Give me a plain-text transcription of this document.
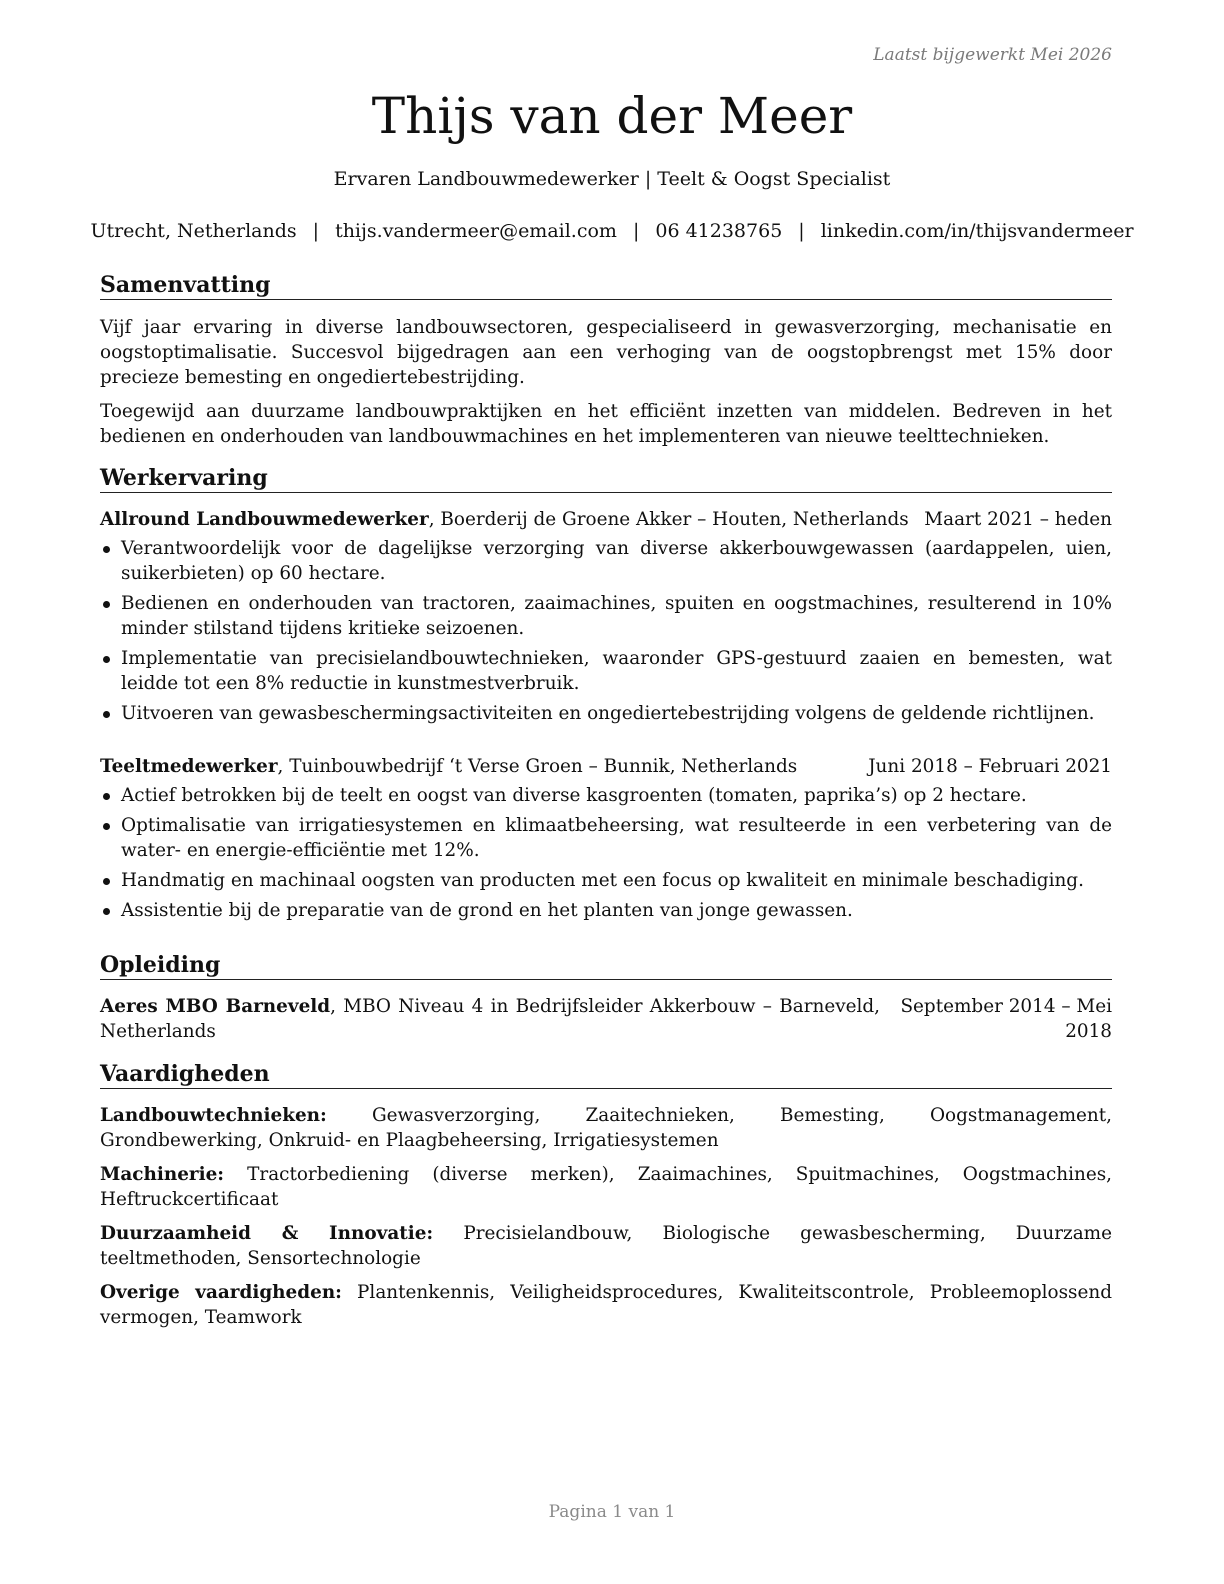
Laatst bijgewerkt Mei 2026
Thijs van der Meer
Ervaren Landbouwmedewerker | Teelt & Oogst Specialist
Utrecht, Netherlands | thijs.vandermeer@email.com | 06 41238765 | linkedin.com/in/thijsvandermeer
Samenvatting

Vijf jaar ervaring in diverse landbouwsectoren, gespecialiseerd in gewasverzorging, mechanisatie en oogstoptimalisatie. Succesvol bijgedragen aan een verhoging van de oogstopbrengst met 15% door precieze bemesting en ongediertebestrijding.

Toegewijd aan duurzame landbouwpraktijken en het efficiënt inzetten van middelen. Bedreven in het bedienen en onderhouden van landbouwmachines en het implementeren van nieuwe teelttechnieken.

Werkervaring
Allround Landbouwmedewerker, Boerderij de Groene Akker – Houten, Netherlands Maart 2021 – heden
Verantwoordelijk voor de dagelijkse verzorging van diverse akkerbouwgewassen (aardappelen, uien, suikerbieten) op 60 hectare.
Bedienen en onderhouden van tractoren, zaaimachines, spuiten en oogstmachines, resulterend in 10% minder stilstand tijdens kritieke seizoenen.
Implementatie van precisielandbouwtechnieken, waaronder GPS-gestuurd zaaien en bemesten, wat leidde tot een 8% reductie in kunstmestverbruik.
Uitvoeren van gewasbeschermingsactiviteiten en ongediertebestrijding volgens de geldende richtlijnen.
Teeltmedewerker, Tuinbouwbedrijf ‘t Verse Groen – Bunnik, Netherlands	Juni 2018 – Februari 2021
Actief betrokken bij de teelt en oogst van diverse kasgroenten (tomaten, paprika’s) op 2 hectare.
Optimalisatie van irrigatiesystemen en klimaatbeheersing, wat resulteerde in een verbetering van de water- en energie-efficiëntie met 12%.
Handmatig en machinaal oogsten van producten met een focus op kwaliteit en minimale beschadiging.
Assistentie bij de preparatie van de grond en het planten van jonge gewassen.
Opleiding
Aeres MBO Barneveld, MBO Niveau 4 in Bedrijfsleider Akkerbouw – Barneveld, Netherlands
September 2014 – Mei 2018
Vaardigheden

Landbouwtechnieken: Gewasverzorging, Zaaitechnieken, Bemesting, Oogstmanagement, Grondbewerking, Onkruid- en Plaagbeheersing, Irrigatiesystemen

Machinerie: Tractorbediening (diverse merken), Zaaimachines, Spuitmachines, Oogstmachines, Heftruckcertificaat

Duurzaamheid & Innovatie: Precisielandbouw, Biologische gewasbescherming, Duurzame teeltmethoden, Sensortechnologie

Overige vaardigheden: Plantenkennis, Veiligheidsprocedures, Kwaliteitscontrole, Probleemoplossend vermogen, Teamwork

Pagina 1 van 1
